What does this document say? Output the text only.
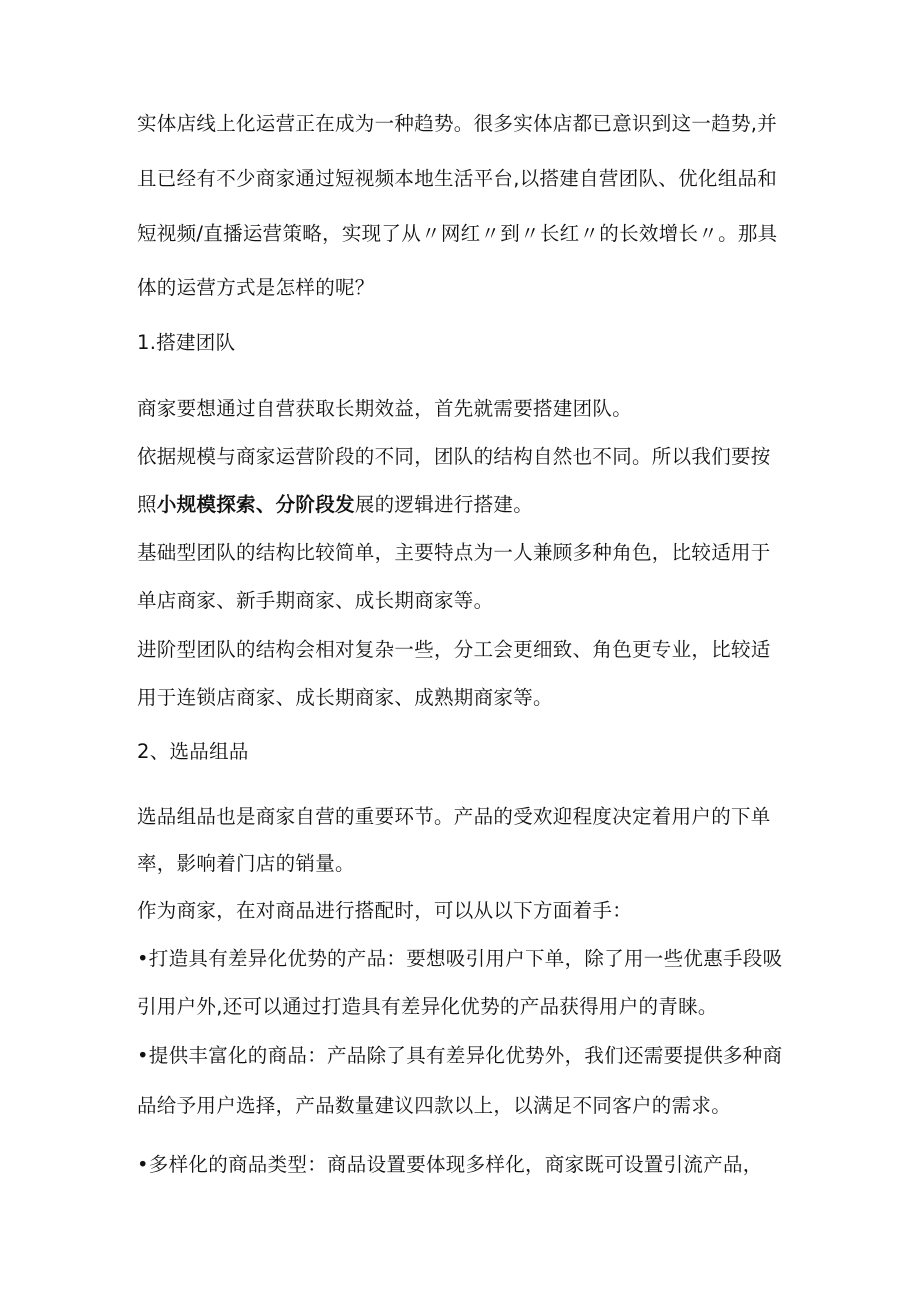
实体店线上化运营正在成为一种趋势。很多实体店都已意识到这一趋势,并
且已经有不少商家通过短视频本地生活平台,以搭建自营团队、优化组品和
短视频/直播运营策略，实现了从〃网红〃到〃长红〃的长效增长〃。那具
体的运营方式是怎样的呢？
1.搭建团队
商家要想通过自营获取长期效益，首先就需要搭建团队。
依据规模与商家运营阶段的不同，团队的结构自然也不同。所以我们要按
照小规模探索、分阶段发展的逻辑进行搭建。
基础型团队的结构比较简单，主要特点为一人兼顾多种角色，比较适用于
单店商家、新手期商家、成长期商家等。
进阶型团队的结构会相对复杂一些，分工会更细致、角色更专业，比较适
用于连锁店商家、成长期商家、成熟期商家等。
2、选品组品
选品组品也是商家自营的重要环节。产品的受欢迎程度决定着用户的下单
率，影响着门店的销量。
作为商家，在对商品进行搭配时，可以从以下方面着手：
•打造具有差异化优势的产品：要想吸引用户下单，除了用一些优惠手段吸
引用户外,还可以通过打造具有差异化优势的产品获得用户的青睐。
•提供丰富化的商品：产品除了具有差异化优势外，我们还需要提供多种商
品给予用户选择，产品数量建议四款以上，以满足不同客户的需求。
•多样化的商品类型：商品设置要体现多样化，商家既可设置引流产品，
